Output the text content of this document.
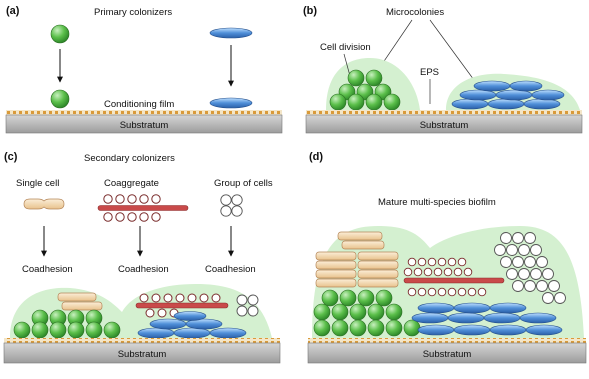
(a)	Primary colonizers
Conditioning film
Substratum
(b)	Microcolonies
Cell division
EPS
Substratum
(c)	Secondary colonizers
Single cell	Coaggregate	Group of cells
Coadhesion	Coadhesion	Coadhesion
Substratum
(d)
Mature multi-species biofilm
Substratum
